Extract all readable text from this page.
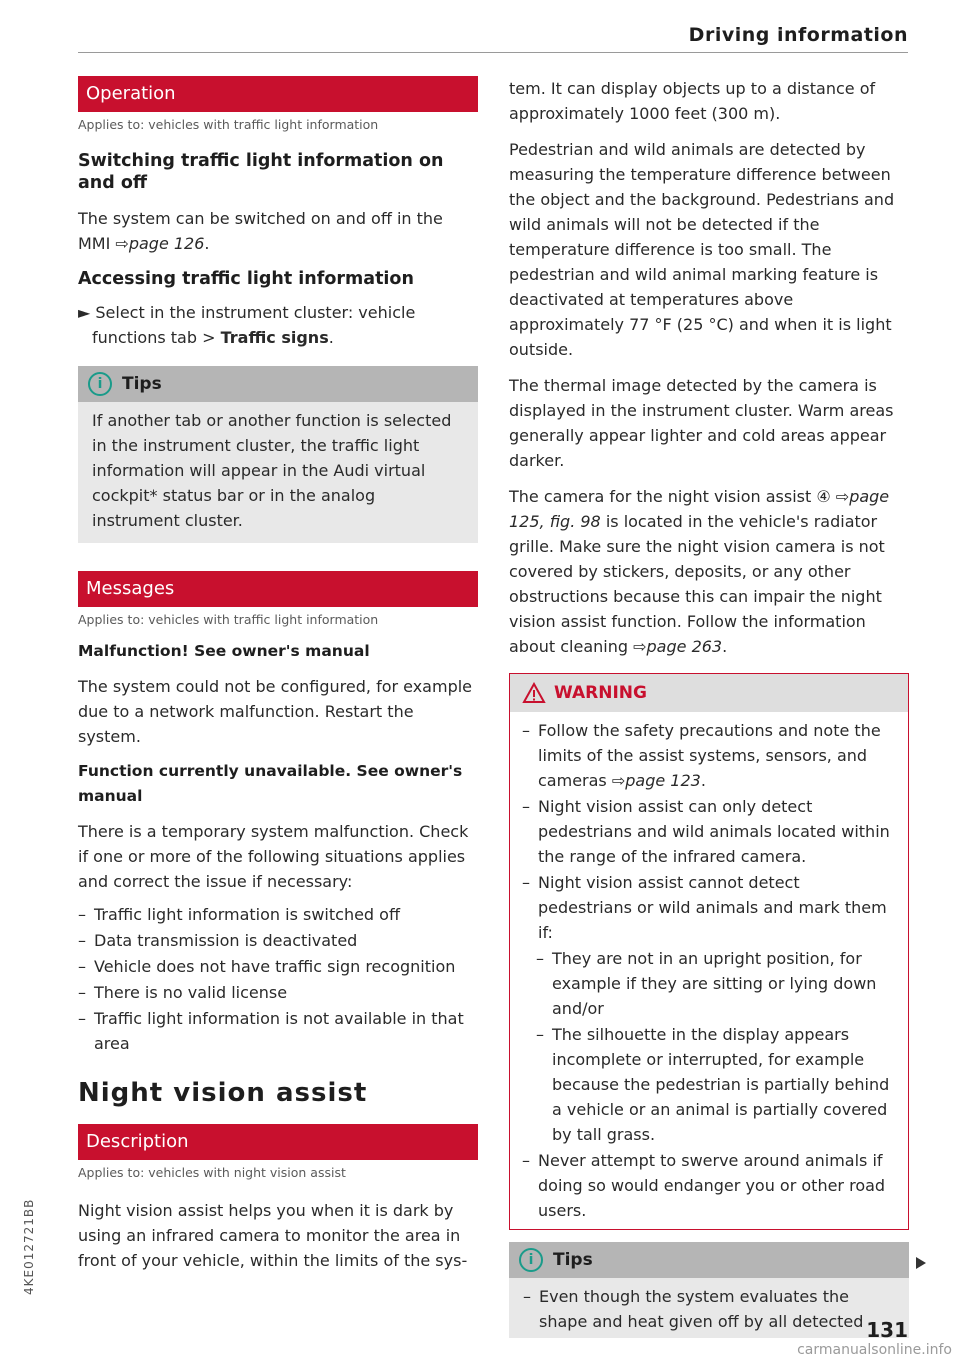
Driving information
Operation
Applies to: vehicles with traffic light information
Switching traffic light information on and off

The system can be switched on and off in the MMI ⇨page 126.

Accessing traffic light information

► Select in the instrument cluster: vehicle functions tab > Traffic signs.

i Tips

If another tab or another function is selected in the instrument cluster, the traffic light information will appear in the Audi virtual cockpit* status bar or in the analog instrument cluster.

Messages
Applies to: vehicles with traffic light information
Malfunction! See owner's manual

The system could not be configured, for example due to a network malfunction. Restart the system.

Function currently unavailable. See owner's manual

There is a temporary system malfunction. Check if one or more of the following situations applies and correct the issue if necessary:

– Traffic light information is switched off
– Data transmission is deactivated
– Vehicle does not have traffic sign recognition
– There is no valid license
– Traffic light information is not available in that area
Night vision assist
Description
Applies to: vehicles with night vision assist

Night vision assist helps you when it is dark by using an infrared camera to monitor the area in front of your vehicle, within the limits of the sys-

tem. It can display objects up to a distance of approximately 1000 feet (300 m).

Pedestrian and wild animals are detected by measuring the temperature difference between the object and the background. Pedestrians and wild animals will not be detected if the temperature difference is too small. The pedestrian and wild animal marking feature is deactivated at temperatures above approximately 77 °F (25 °C) and when it is light outside.

The thermal image detected by the camera is displayed in the instrument cluster. Warm areas generally appear lighter and cold areas appear darker.

The camera for the night vision assist ④ ⇨page 125, fig. 98 is located in the vehicle's radiator grille. Make sure the night vision camera is not covered by stickers, deposits, or any other obstructions because this can impair the night vision assist function. Follow the information about cleaning ⇨page 263.

WARNING
– Follow the safety precautions and note the limits of the assist systems, sensors, and cameras ⇨page 123.
– Night vision assist can only detect pedestrians and wild animals located within the range of the infrared camera.
– Night vision assist cannot detect pedestrians or wild animals and mark them if:
– They are not in an upright position, for example if they are sitting or lying down and/or
– The silhouette in the display appears incomplete or interrupted, for example because the pedestrian is partially behind a vehicle or an animal is partially covered by tall grass.
– Never attempt to swerve around animals if doing so would endanger you or other road users.
i Tips
– Even though the system evaluates the shape and heat given off by all detected
4KE012721BB
131
carmanualsonline.info
